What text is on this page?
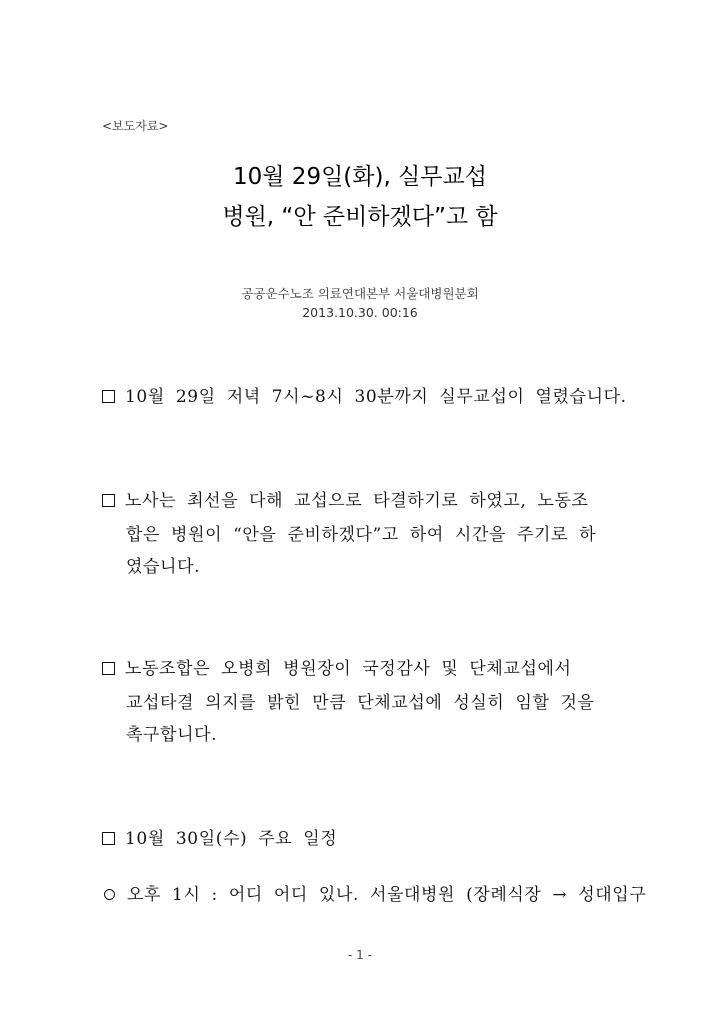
<보도자료>
10월 29일(화), 실무교섭
병원, “안 준비하겠다”고 함
공공운수노조 의료연대본부 서울대병원분회
2013.10.30. 00:16
10월 29일 저녁 7시~8시 30분까지 실무교섭이 열렸습니다.
노사는 최선을 다해 교섭으로 타결하기로 하였고, 노동조
합은 병원이 “안을 준비하겠다”고 하여 시간을 주기로 하
였습니다.
노동조합은 오병희 병원장이 국정감사 및 단체교섭에서
교섭타결 의지를 밝힌 만큼 단체교섭에 성실히 임할 것을
촉구합니다.
10월 30일(수) 주요 일정
오후 1시 : 어디 어디 있나. 서울대병원 (장례식장 → 성대입구
- 1 -
